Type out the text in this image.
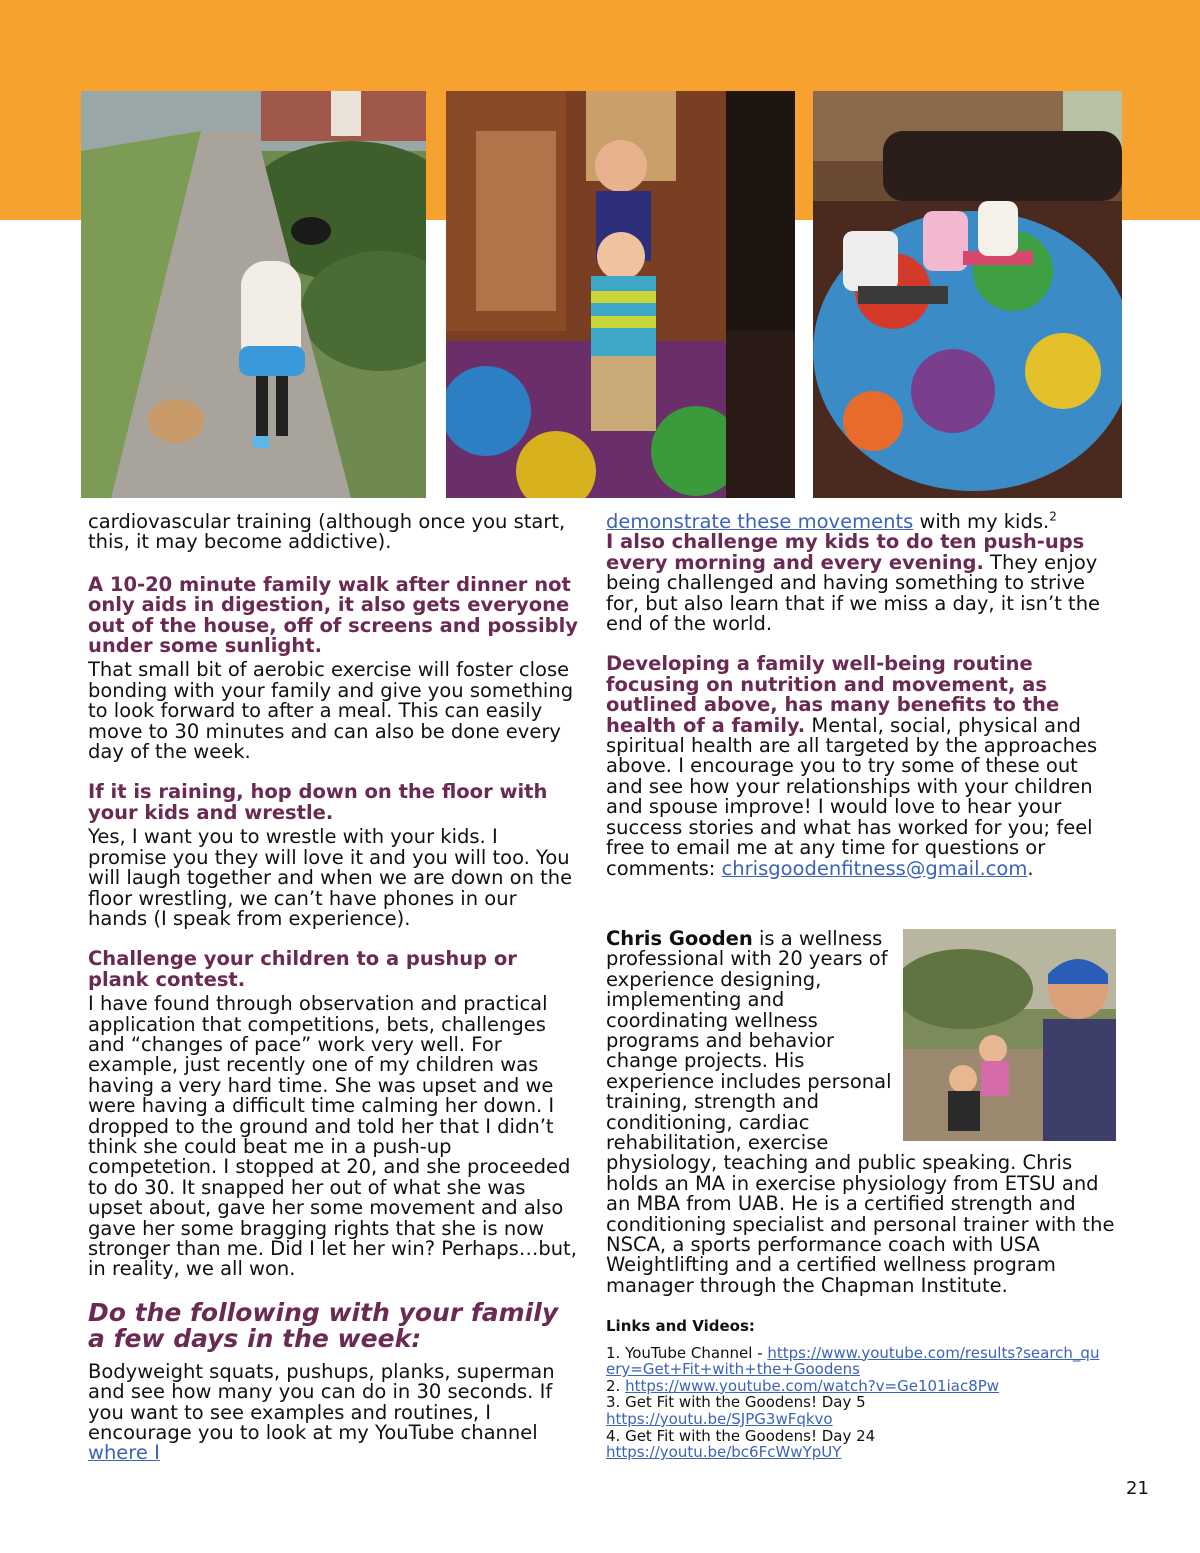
cardiovascular training (although once you start, this, it may become addictive).

A 10-20 minute family walk after dinner not only aids in digestion, it also gets everyone out of the house, off of screens and possibly under some sunlight.

That small bit of aerobic exercise will foster close bonding with your family and give you something to look forward to after a meal. This can easily move to 30 minutes and can also be done every day of the week.

If it is raining, hop down on the floor with your kids and wrestle.

Yes, I want you to wrestle with your kids. I promise you they will love it and you will too. You will laugh together and when we are down on the floor wrestling, we can’t have phones in our hands (I speak from experience).

Challenge your children to a pushup or plank contest.

I have found through observation and practical application that competitions, bets, challenges and “changes of pace” work very well. For example, just recently one of my children was having a very hard time. She was upset and we were having a difficult time calming her down. I dropped to the ground and told her that I didn’t think she could beat me in a push-up competetion. I stopped at 20, and she proceeded to do 30. It snapped her out of what she was upset about, gave her some movement and also gave her some bragging rights that she is now stronger than me. Did I let her win? Perhaps…but, in reality, we all won.

Do the following with your family a few days in the week:

Bodyweight squats, pushups, planks, superman and see how many you can do in 30 seconds. If you want to see examples and routines, I encourage you to look at my YouTube channel where I

demonstrate these movements with my kids.$^2$

I also challenge my kids to do ten push-ups every morning and every evening. They enjoy being challenged and having something to strive for, but also learn that if we miss a day, it isn’t the end of the world.

Developing a family well-being routine focusing on nutrition and movement, as outlined above, has many benefits to the health of a family. Mental, social, physical and spiritual health are all targeted by the approaches above. I encourage you to try some of these out and see how your relationships with your children and spouse improve! I would love to hear your success stories and what has worked for you; feel free to email me at any time for questions or comments: chrisgoodenfitness@gmail.com.

Chris Gooden is a wellness professional with 20 years of experience designing, implementing and coordinating wellness programs and behavior change projects. His experience includes personal training, strength and conditioning, cardiac rehabilitation, exercise physiology, teaching and public speaking. Chris holds an MA in exercise physiology from ETSU and an MBA from UAB. He is a certified strength and conditioning specialist and personal trainer with the NSCA, a sports performance coach with USA Weightlifting and a certified wellness program manager through the Chapman Institute.

Links and Videos:

1. YouTube Channel - https://www.youtube.com/results?search_query=Get+Fit+with+the+Goodens

2. https://www.youtube.com/watch?v=Ge101iac8Pw

3. Get Fit with the Goodens! Day 5

https://youtu.be/SJPG3wFqkvo

4. Get Fit with the Goodens! Day 24

https://youtu.be/bc6FcWwYpUY

21
